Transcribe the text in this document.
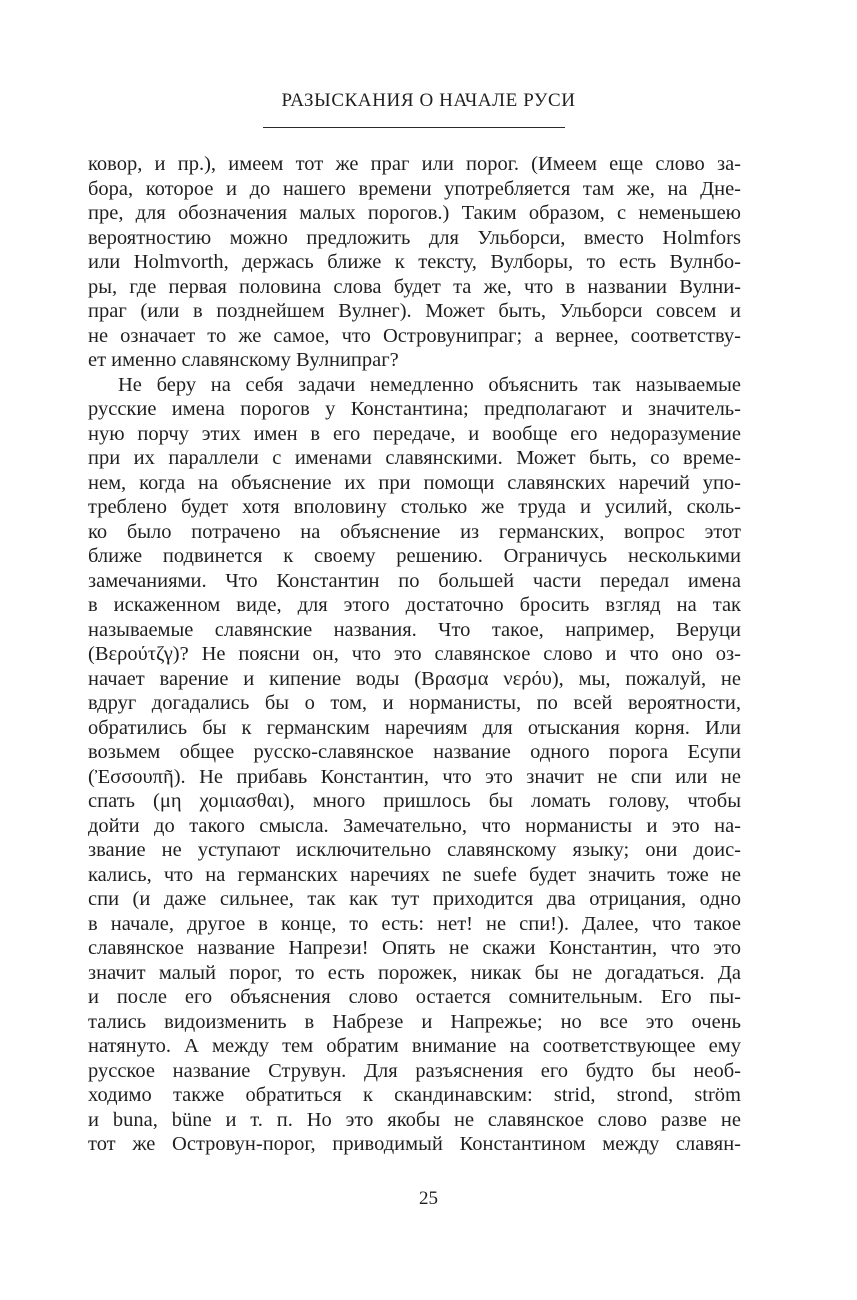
РАЗЫСКАНИЯ О НАЧАЛЕ РУСИ
ковор, и пр.), имеем тот же праг или порог. (Имеем еще слово за-
бора, которое и до нашего времени употребляется там же, на Дне-
пре, для обозначения малых порогов.) Таким образом, с неменьшею
вероятностию можно предложить для Ульборси, вместо Holmfors
или Holmvorth, держась ближе к тексту, Вулборы, то есть Вулнбо-
ры, где первая половина слова будет та же, что в названии Вулни-
праг (или в позднейшем Вулнег). Может быть, Ульборси совсем и
не означает то же самое, что Островунипраг; а вернее, соответству-
ет именно славянскому Вулнипраг?
Не беру на себя задачи немедленно объяснить так называемые
русские имена порогов у Константина; предполагают и значитель-
ную порчу этих имен в его передаче, и вообще его недоразумение
при их параллели с именами славянскими. Может быть, со време-
нем, когда на объяснение их при помощи славянских наречий упо-
треблено будет хотя вполовину столько же труда и усилий, сколь-
ко было потрачено на объяснение из германских, вопрос этот
ближе подвинется к своему решению. Ограничусь несколькими
замечаниями. Что Константин по большей части передал имена
в искаженном виде, для этого достаточно бросить взгляд на так
называемые славянские названия. Что такое, например, Веруци
(Βερούτζγ)? Не поясни он, что это славянское слово и что оно оз-
начает варение и кипение воды (Βρασμα νερόυ), мы, пожалуй, не
вдруг догадались бы о том, и норманисты, по всей вероятности,
обратились бы к германским наречиям для отыскания корня. Или
возьмем общее русско-славянское название одного порога Есупи
(Ἐσσουπῆ). Не прибавь Константин, что это значит не спи или не
спать (μη χομιασθαι), много пришлось бы ломать голову, чтобы
дойти до такого смысла. Замечательно, что норманисты и это на-
звание не уступают исключительно славянскому языку; они доис-
кались, что на германских наречиях ne suefe будет значить тоже не
спи (и даже сильнее, так как тут приходится два отрицания, одно
в начале, другое в конце, то есть: нет! не спи!). Далее, что такое
славянское название Напрези! Опять не скажи Константин, что это
значит малый порог, то есть порожек, никак бы не догадаться. Да
и после его объяснения слово остается сомнительным. Его пы-
тались видоизменить в Набрезе и Напрежье; но все это очень
натянуто. А между тем обратим внимание на соответствующее ему
русское название Струвун. Для разъяснения его будто бы необ-
ходимо также обратиться к скандинавским: strid, strond, ström
и buna, büne и т. п. Но это якобы не славянское слово разве не
тот же Островун-порог, приводимый Константином между славян-
25
